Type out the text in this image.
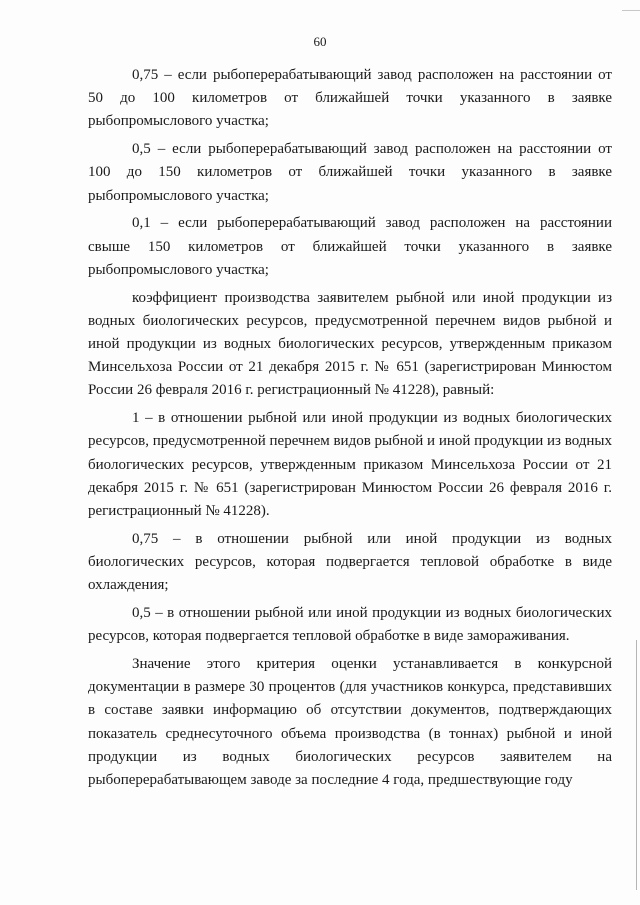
60

0,75 – если рыбоперерабатывающий завод расположен на расстоянии от 50 до 100 километров от ближайшей точки указанного в заявке рыбопромыслового участка;

0,5 – если рыбоперерабатывающий завод расположен на расстоянии от 100 до 150 километров от ближайшей точки указанного в заявке рыбопромыслового участка;

0,1 – если рыбоперерабатывающий завод расположен на расстоянии свыше 150 километров от ближайшей точки указанного в заявке рыбопромыслового участка;

коэффициент производства заявителем рыбной или иной продукции из водных биологических ресурсов, предусмотренной перечнем видов рыбной и иной продукции из водных биологических ресурсов, утвержденным приказом Минсельхоза России от 21 декабря 2015 г. № 651 (зарегистрирован Минюстом России 26 февраля 2016 г. регистрационный № 41228), равный:

1 – в отношении рыбной или иной продукции из водных биологических ресурсов, предусмотренной перечнем видов рыбной и иной продукции из водных биологических ресурсов, утвержденным приказом Минсельхоза России от 21 декабря 2015 г. № 651 (зарегистрирован Минюстом России 26 февраля 2016 г. регистрационный № 41228).

0,75 – в отношении рыбной или иной продукции из водных биологических ресурсов, которая подвергается тепловой обработке в виде охлаждения;

0,5 – в отношении рыбной или иной продукции из водных биологических ресурсов, которая подвергается тепловой обработке в виде замораживания.

Значение этого критерия оценки устанавливается в конкурсной документации в размере 30 процентов (для участников конкурса, представивших в составе заявки информацию об отсутствии документов, подтверждающих показатель среднесуточного объема производства (в тоннах) рыбной и иной продукции из водных биологических ресурсов заявителем на рыбоперерабатывающем заводе за последние 4 года, предшествующие году
